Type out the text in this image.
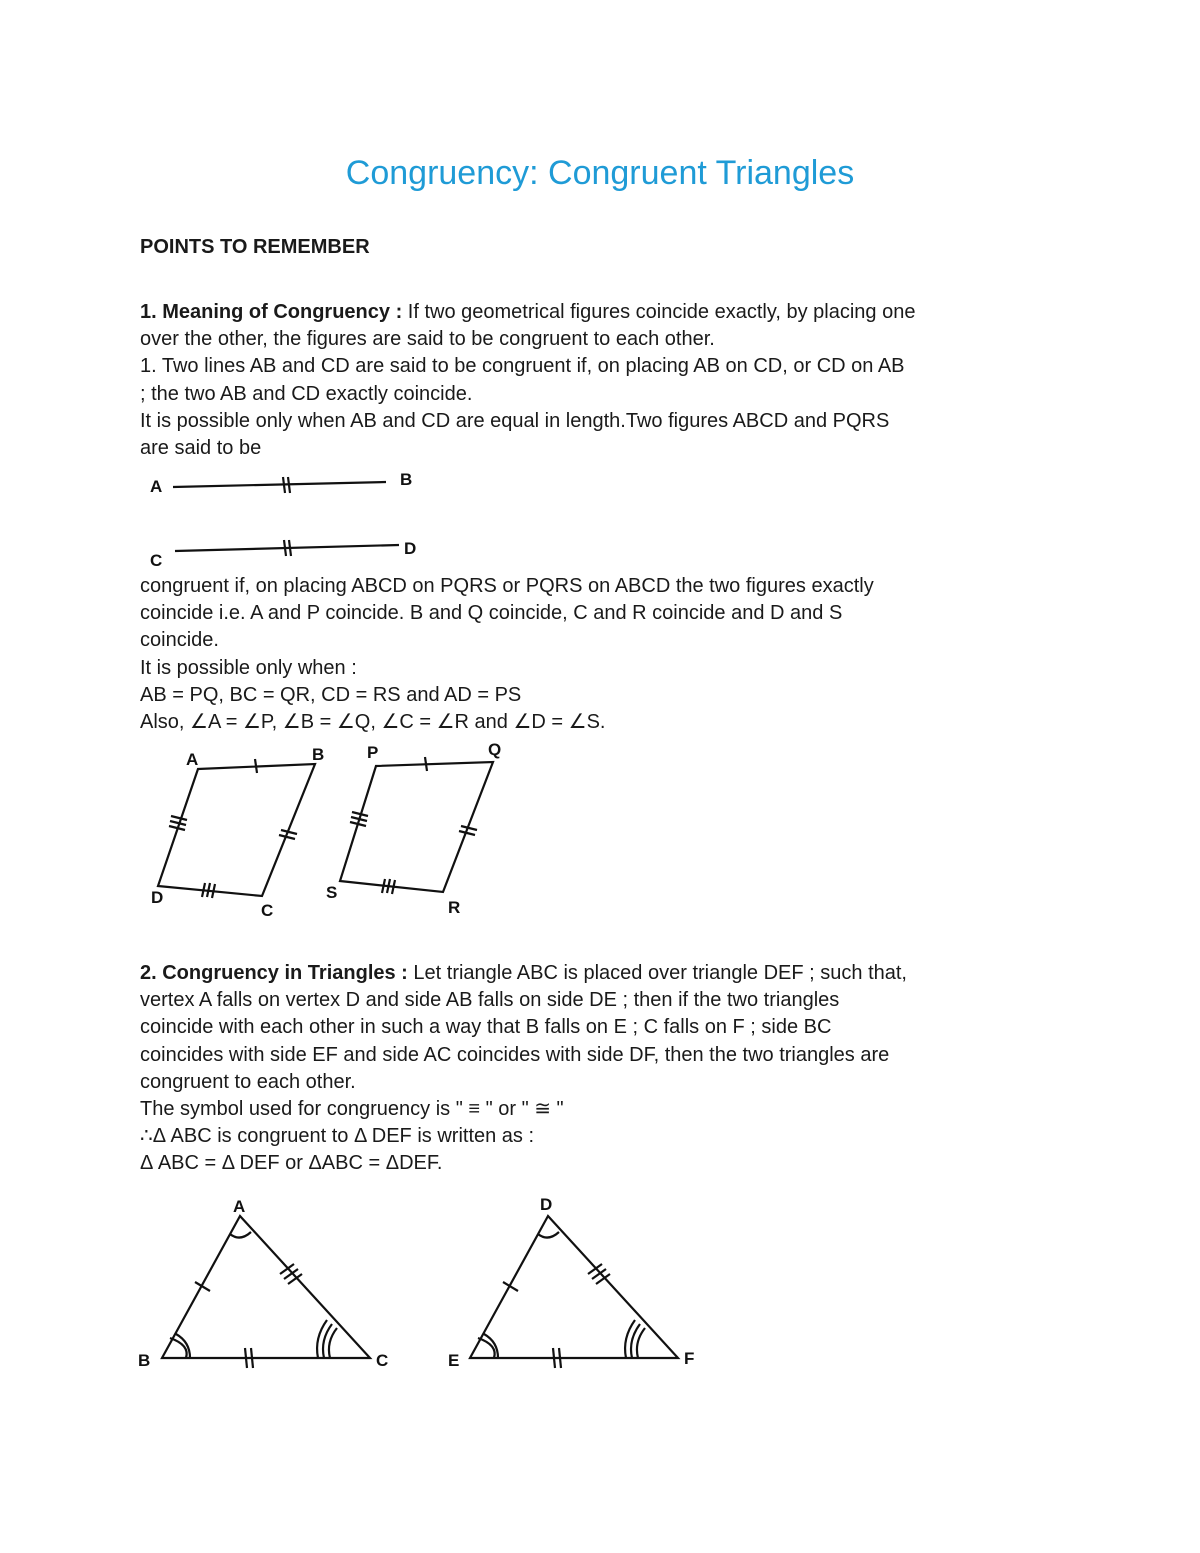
Congruency: Congruent Triangles
POINTS TO REMEMBER
1. Meaning of Congruency : If two geometrical figures coincide exactly, by placing one
over the other, the figures are said to be congruent to each other.
1. Two lines AB and CD are said to be congruent if, on placing AB on CD, or CD on AB
; the two AB and CD exactly coincide.
It is possible only when AB and CD are equal in length.Two figures ABCD and PQRS
are said to be
A	B
C
D
congruent if, on placing ABCD on PQRS or PQRS on ABCD the two figures exactly
coincide i.e. A and P coincide. B and Q coincide, C and R coincide and D and S
coincide.
It is possible only when :
AB = PQ, BC = QR, CD = RS and AD = PS
Also, ∠A = ∠P, ∠B = ∠Q, ∠C = ∠R and ∠D = ∠S.
A	B
C
D
P	Q
R
S
2. Congruency in Triangles : Let triangle ABC is placed over triangle DEF ; such that,
vertex A falls on vertex D and side AB falls on side DE ; then if the two triangles
coincide with each other in such a way that B falls on E ; C falls on F ; side BC
coincides with side EF and side AC coincides with side DF, then the two triangles are
congruent to each other.
The symbol used for congruency is " ≡ " or " ≅ "
∴Δ ABC is congruent to Δ DEF is written as :
Δ ABC = Δ DEF or ΔABC = ΔDEF.
A
B	C
D
E	F
